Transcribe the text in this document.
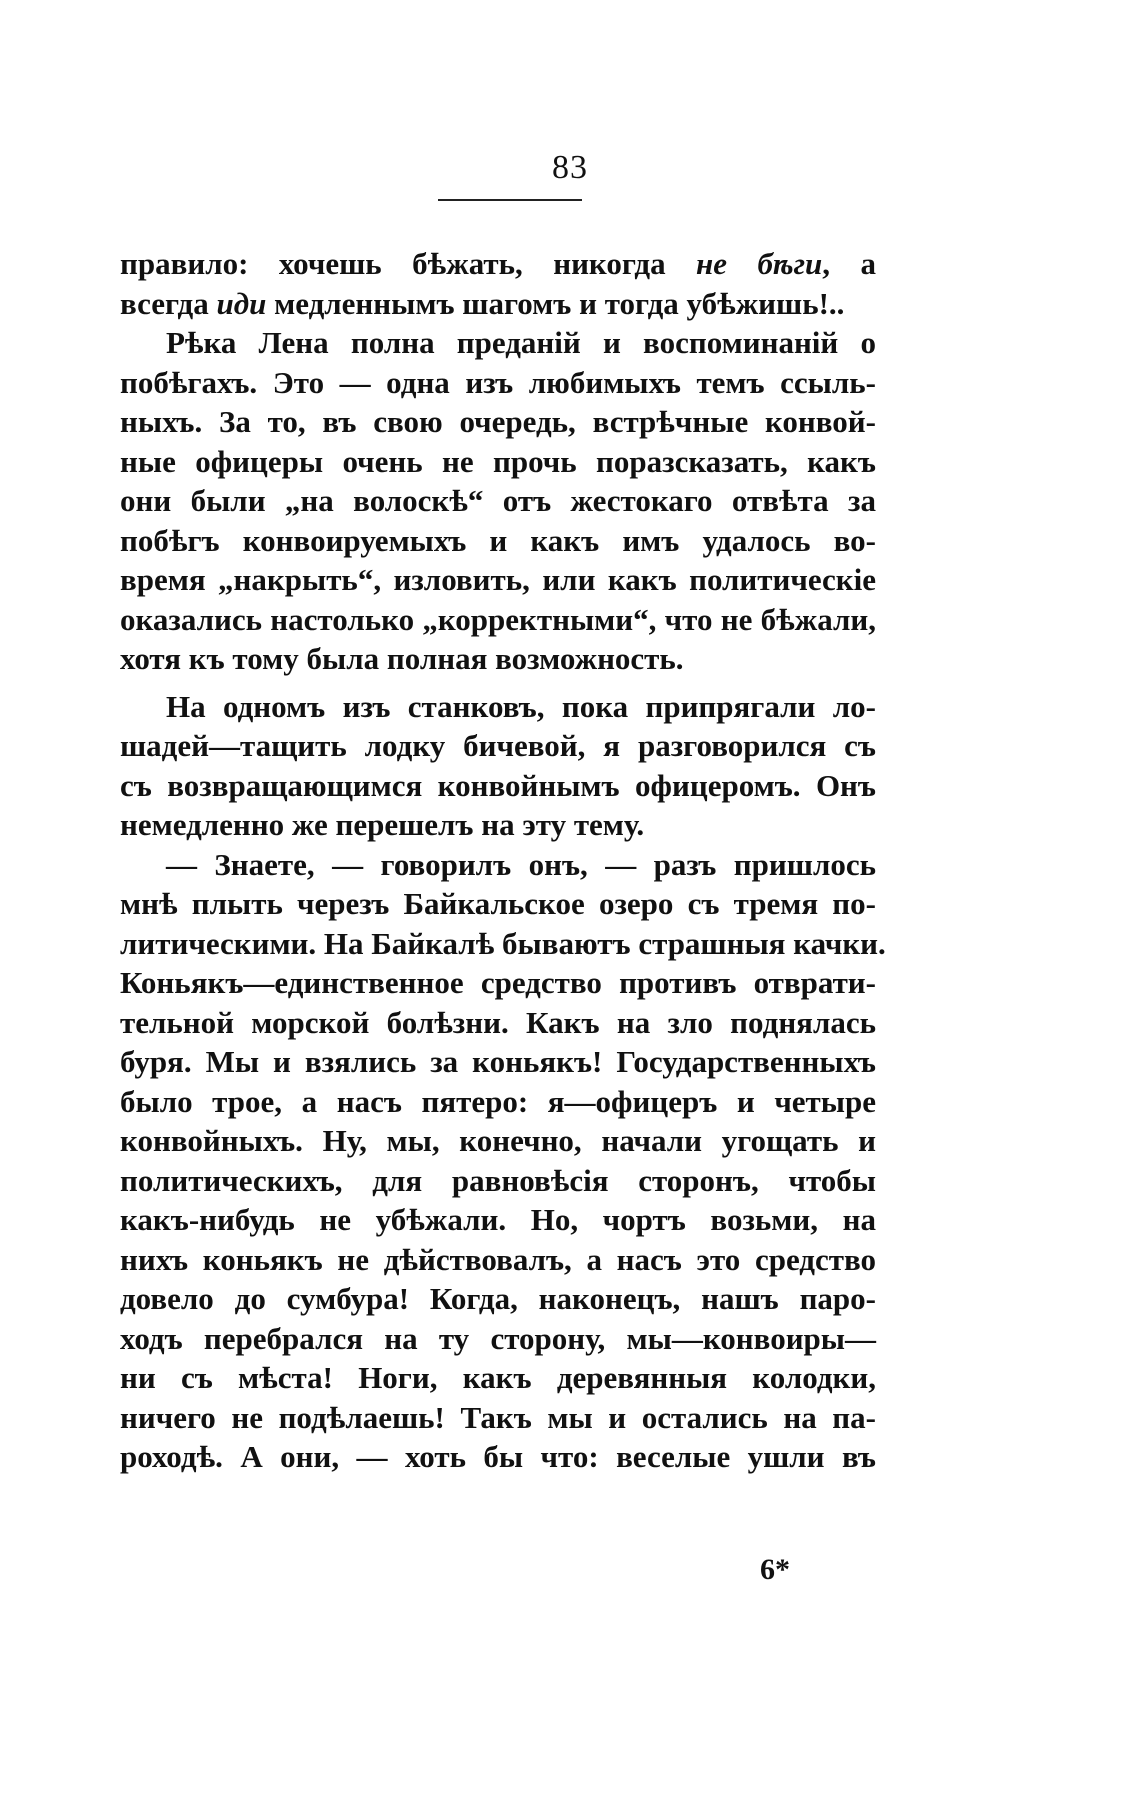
83
правило: хочешь бѣжать, никогда не бѣги, а
всегда иди медленнымъ шагомъ и тогда убѣжишь!..
Рѣка Лена полна преданій и воспоминаній о
побѣгахъ. Это — одна изъ любимыхъ темъ ссыль-
ныхъ. За то, въ свою очередь, встрѣчные конвой-
ные офицеры очень не прочь поразсказать, какъ
они были „на волоскѣ“ отъ жестокаго отвѣта за
побѣгъ конвоируемыхъ и какъ имъ удалось во-
время „накрыть“, изловить, или какъ политическіе
оказались настолько „корректными“, что не бѣжали,
хотя къ тому была полная возможность.
На одномъ изъ станковъ, пока припрягали ло-
шадей—тащить лодку бичевой, я разговорился съ
съ возвращающимся конвойнымъ офицеромъ. Онъ
немедленно же перешелъ на эту тему.
— Знаете, — говорилъ онъ, — разъ пришлось
мнѣ плыть черезъ Байкальское озеро съ тремя по-
литическими. На Байкалѣ бываютъ страшныя качки.
Коньякъ—единственное средство противъ отврати-
тельной морской болѣзни. Какъ на зло поднялась
буря. Мы и взялись за коньякъ! Государственныхъ
было трое, а насъ пятеро: я—офицеръ и четыре
конвойныхъ. Ну, мы, конечно, начали угощать и
политическихъ, для равновѣсія сторонъ, чтобы
какъ-нибудь не убѣжали. Но, чортъ возьми, на
нихъ коньякъ не дѣйствовалъ, а насъ это средство
довело до сумбура! Когда, наконецъ, нашъ паро-
ходъ перебрался на ту сторону, мы—конвоиры—
ни съ мѣста! Ноги, какъ деревянныя колодки,
ничего не подѣлаешь! Такъ мы и остались на па-
роходѣ. А они, — хоть бы что: веселые ушли въ
6*
